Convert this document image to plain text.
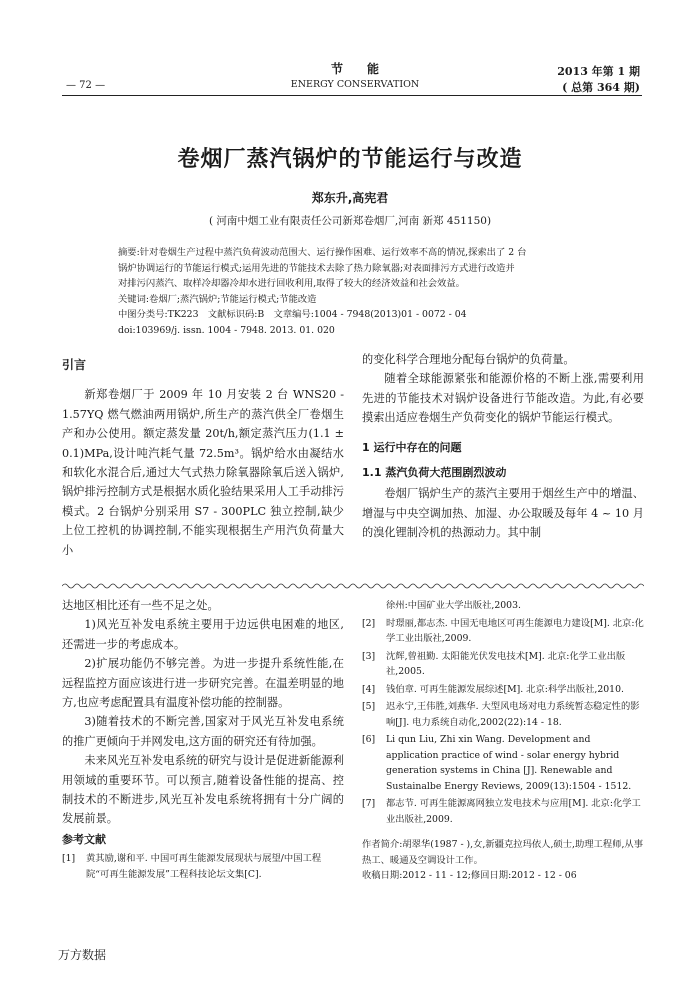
— 72 —
节　　能
ENERGY CONSERVATION
2013 年第 1 期
( 总第 364 期)
卷烟厂蒸汽锅炉的节能运行与改造
郑东升,高宪君
( 河南中烟工业有限责任公司新郑卷烟厂,河南 新郑 451150)
摘要:针对卷烟生产过程中蒸汽负荷波动范围大、运行操作困难、运行效率不高的情况,探索出了 2 台
锅炉协调运行的节能运行模式;运用先进的节能技术去除了热力除氧器;对表面排污方式进行改造并
对排污闪蒸汽、取样冷却器冷却水进行回收利用,取得了较大的经济效益和社会效益。
关键词:卷烟厂;蒸汽锅炉;节能运行模式;节能改造
中图分类号:TK223　文献标识码:B　文章编号:1004 - 7948(2013)01 - 0072 - 04
doi:103969/j. issn. 1004 - 7948. 2013. 01. 020
引言

新郑卷烟厂于 2009 年 10 月安装 2 台 WNS20 - 1.57YQ 燃气燃油两用锅炉,所生产的蒸汽供全厂卷烟生产和办公使用。额定蒸发量 20t/h,额定蒸汽压力(1.1 ± 0.1)MPa,设计吨汽耗气量 72.5m³。锅炉给水由凝结水和软化水混合后,通过大气式热力除氧器除氧后送入锅炉,锅炉排污控制方式是根据水质化验结果采用人工手动排污模式。2 台锅炉分别采用 S7 - 300PLC 独立控制,缺少上位工控机的协调控制,不能实现根据生产用汽负荷量大小

的变化科学合理地分配每台锅炉的负荷量。

随着全球能源紧张和能源价格的不断上涨,需要利用先进的节能技术对锅炉设备进行节能改造。为此,有必要摸索出适应卷烟生产负荷变化的锅炉节能运行模式。

1 运行中存在的问题
1.1 蒸汽负荷大范围剧烈波动

卷烟厂锅炉生产的蒸汽主要用于烟丝生产中的增温、增湿与中央空调加热、加湿、办公取暖及每年 4 ~ 10 月的溴化锂制冷机的热源动力。其中制

达地区相比还有一些不足之处。

1)风光互补发电系统主要用于边远供电困难的地区,还需进一步的考虑成本。

2)扩展功能仍不够完善。为进一步提升系统性能,在远程监控方面应该进行进一步研究完善。在温差明显的地方,也应考虑配置具有温度补偿功能的控制器。

3)随着技术的不断完善,国家对于风光互补发电系统的推广更倾向于并网发电,这方面的研究还有待加强。

未来风光互补发电系统的研究与设计是促进新能源利用领域的重要环节。可以预言,随着设备性能的提高、控制技术的不断进步,风光互补发电系统将拥有十分广阔的发展前景。

参考文献
[1]	黄其励,谢和平. 中国可再生能源发展现状与展望/中国工程院“可再生能源发展”工程科技论坛文集[C].
徐州:中国矿业大学出版社,2003.
[2]	时璟丽,都志杰. 中国无电地区可再生能源电力建设[M]. 北京:化学工业出版社,2009.
[3]	沈辉,曾祖勤. 太阳能光伏发电技术[M]. 北京:化学工业出版社,2005.
[4]	钱伯章. 可再生能源发展综述[M]. 北京:科学出版社,2010.
[5]	迟永宁,王伟胜,刘燕华. 大型风电场对电力系统暂态稳定性的影响[J]. 电力系统自动化,2002(22):14 - 18.
[6]	Li qun Liu, Zhi xin Wang. Development and application practice of wind - solar energy hybrid generation systems in China [J]. Renewable and Sustainalbe Energy Reviews, 2009(13):1504 - 1512.
[7]	都志节. 可再生能源离网独立发电技术与应用[M]. 北京:化学工业出版社,2009.
作者简介:胡翠华(1987 - ),女,新疆克拉玛依人,硕士,助理工程师,从事热工、暖通及空调设计工作。
收稿日期:2012 - 11 - 12;修回日期:2012 - 12 - 06
万方数据
